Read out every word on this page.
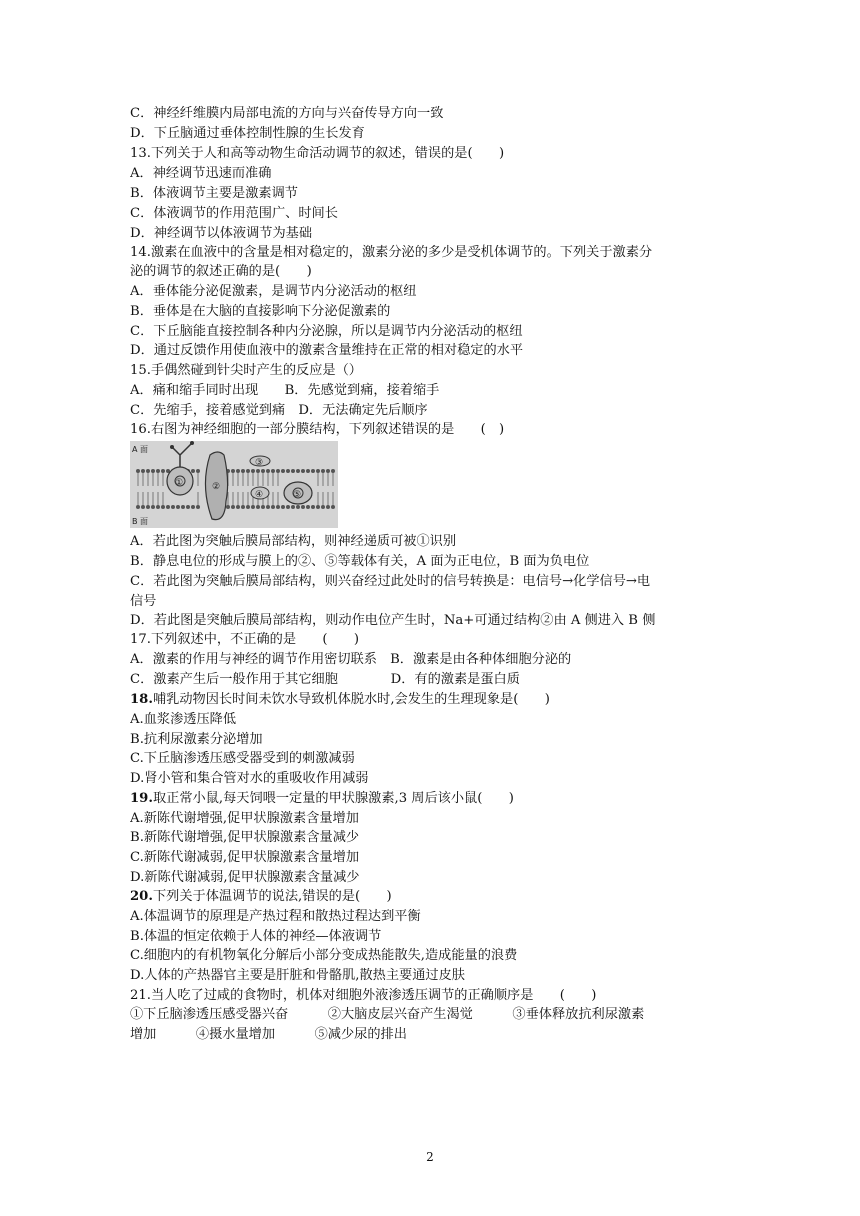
C．神经纤维膜内局部电流的方向与兴奋传导方向一致
D．下丘脑通过垂体控制性腺的生长发育
13.下列关于人和高等动物生命活动调节的叙述，错误的是(　　)
A．神经调节迅速而准确
B．体液调节主要是激素调节
C．体液调节的作用范围广、时间长
D．神经调节以体液调节为基础
14.激素在血液中的含量是相对稳定的，激素分泌的多少是受机体调节的。下列关于激素分
泌的调节的叙述正确的是(　　)
A．垂体能分泌促激素，是调节内分泌活动的枢纽
B．垂体是在大脑的直接影响下分泌促激素的
C．下丘脑能直接控制各种内分泌腺，所以是调节内分泌活动的枢纽
D．通过反馈作用使血液中的激素含量维持在正常的相对稳定的水平
15.手偶然碰到针尖时产生的反应是（）
A．痛和缩手同时出现　　B．先感觉到痛，接着缩手
C．先缩手，接着感觉到痛　D．无法确定先后顺序
16.右图为神经细胞的一部分膜结构，下列叙述错误的是　　(　)
A 面
B 面
①	②
③
④	⑤
A．若此图为突触后膜局部结构，则神经递质可被①识别
B．静息电位的形成与膜上的②、⑤等载体有关，A 面为正电位，B 面为负电位
C．若此图为突触后膜局部结构，则兴奋经过此处时的信号转换是：电信号→化学信号→电
信号
D．若此图是突触后膜局部结构，则动作电位产生时，Na+可通过结构②由 A 侧进入 B 侧
17.下列叙述中，不正确的是　　(　　)
A．激素的作用与神经的调节作用密切联系　B．激素是由各种体细胞分泌的
C．激素产生后一般作用于其它细胞　　　　D．有的激素是蛋白质
18.哺乳动物因长时间未饮水导致机体脱水时,会发生的生理现象是(　　)
A.血浆渗透压降低
B.抗利尿激素分泌增加
C.下丘脑渗透压感受器受到的刺激减弱
D.肾小管和集合管对水的重吸收作用减弱
19.取正常小鼠,每天饲喂一定量的甲状腺激素,3 周后该小鼠(　　)
A.新陈代谢增强,促甲状腺激素含量增加
B.新陈代谢增强,促甲状腺激素含量减少
C.新陈代谢减弱,促甲状腺激素含量增加
D.新陈代谢减弱,促甲状腺激素含量减少
20.下列关于体温调节的说法,错误的是(　　)
A.体温调节的原理是产热过程和散热过程达到平衡
B.体温的恒定依赖于人体的神经—体液调节
C.细胞内的有机物氧化分解后小部分变成热能散失,造成能量的浪费
D.人体的产热器官主要是肝脏和骨骼肌,散热主要通过皮肤
21.当人吃了过咸的食物时，机体对细胞外液渗透压调节的正确顺序是　　(　　)
①下丘脑渗透压感受器兴奋　　　②大脑皮层兴奋产生渴觉　　　③垂体释放抗利尿激素
增加　　　④摄水量增加　　　⑤减少尿的排出
2
